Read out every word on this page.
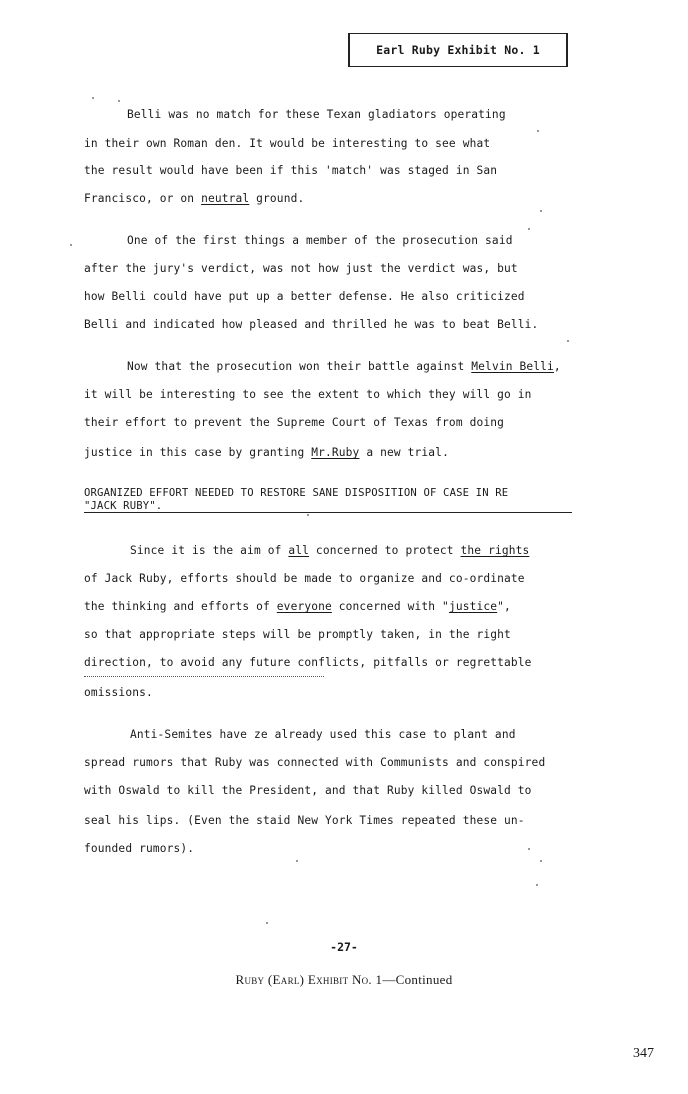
Earl Ruby Exhibit No. 1
Belli was no match for these Texan gladiators operating
in their own Roman den. It would be interesting to see what
the result would have been if this 'match' was staged in San
Francisco, or on neutral ground.
One of the first things a member of the prosecution said
after the jury's verdict, was not how just the verdict was, but
how Belli could have put up a better defense. He also criticized
Belli and indicated how pleased and thrilled he was to beat Belli.
Now that the prosecution won their battle against Melvin Belli,
it will be interesting to see the extent to which they will go in
their effort to prevent the Supreme Court of Texas from doing
justice in this case by granting Mr.Ruby a new trial.
ORGANIZED EFFORT NEEDED TO RESTORE SANE DISPOSITION OF CASE IN RE
"JACK RUBY".
Since it is the aim of all concerned to protect the rights
of Jack Ruby, efforts should be made to organize and co-ordinate
the thinking and efforts of everyone concerned with "justice",
so that appropriate steps will be promptly taken, in the right
direction, to avoid any future conflicts, pitfalls or regrettable
omissions.
Anti-Semites have ze already used this case to plant and
spread rumors that Ruby was connected with Communists and conspired
with Oswald to kill the President, and that Ruby killed Oswald to
seal his lips. (Even the staid New York Times repeated these un-
founded rumors).
-27-
Ruby (Earl) Exhibit No. 1—Continued
347
